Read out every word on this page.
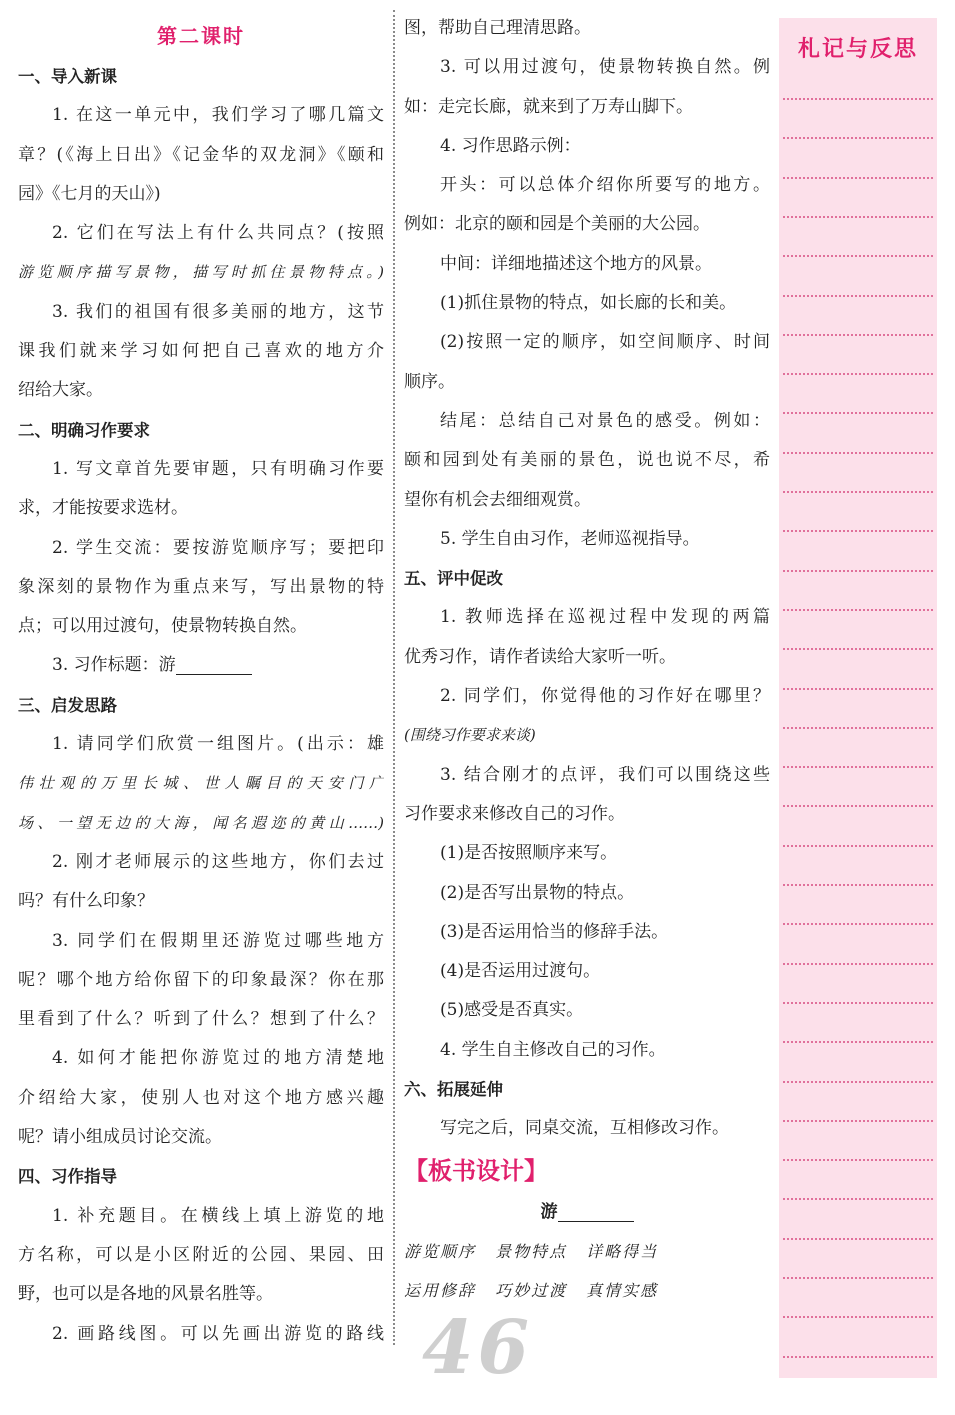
第二课时
一、导入新课
1. 在这一单元中，我们学习了哪几篇文
章？(《海上日出》《记金华的双龙洞》《颐和
园》《七月的天山》)
2. 它们在写法上有什么共同点？(按照
游览顺序描写景物，描写时抓住景物特点。)
3. 我们的祖国有很多美丽的地方，这节
课我们就来学习如何把自己喜欢的地方介
绍给大家。
二、明确习作要求
1. 写文章首先要审题，只有明确习作要
求，才能按要求选材。
2. 学生交流：要按游览顺序写；要把印
象深刻的景物作为重点来写，写出景物的特
点；可以用过渡句，使景物转换自然。
3. 习作标题：游
三、启发思路
1. 请同学们欣赏一组图片。(出示：雄
伟壮观的万里长城、世人瞩目的天安门广
场、一望无边的大海，闻名遐迩的黄山……)
2. 刚才老师展示的这些地方，你们去过
吗？有什么印象？
3. 同学们在假期里还游览过哪些地方
呢？哪个地方给你留下的印象最深？你在那
里看到了什么？听到了什么？想到了什么？
4. 如何才能把你游览过的地方清楚地
介绍给大家，使别人也对这个地方感兴趣
呢？请小组成员讨论交流。
四、习作指导
1. 补充题目。在横线上填上游览的地
方名称，可以是小区附近的公园、果园、田
野，也可以是各地的风景名胜等。
2. 画路线图。可以先画出游览的路线
图，帮助自己理清思路。
3. 可以用过渡句，使景物转换自然。例
如：走完长廊，就来到了万寿山脚下。
4. 习作思路示例：
开头：可以总体介绍你所要写的地方。
例如：北京的颐和园是个美丽的大公园。
中间：详细地描述这个地方的风景。
(1)抓住景物的特点，如长廊的长和美。
(2)按照一定的顺序，如空间顺序、时间
顺序。
结尾：总结自己对景色的感受。例如：
颐和园到处有美丽的景色，说也说不尽，希
望你有机会去细细观赏。
5. 学生自由习作，老师巡视指导。
五、评中促改
1. 教师选择在巡视过程中发现的两篇
优秀习作，请作者读给大家听一听。
2. 同学们，你觉得他的习作好在哪里？
(围绕习作要求来谈)
3. 结合刚才的点评，我们可以围绕这些
习作要求来修改自己的习作。
(1)是否按照顺序来写。
(2)是否写出景物的特点。
(3)是否运用恰当的修辞手法。
(4)是否运用过渡句。
(5)感受是否真实。
4. 学生自主修改自己的习作。
六、拓展延伸
写完之后，同桌交流，互相修改习作。
【板书设计】
游
游览顺序 景物特点 详略得当
运用修辞 巧妙过渡 真情实感
46
札记与反思
